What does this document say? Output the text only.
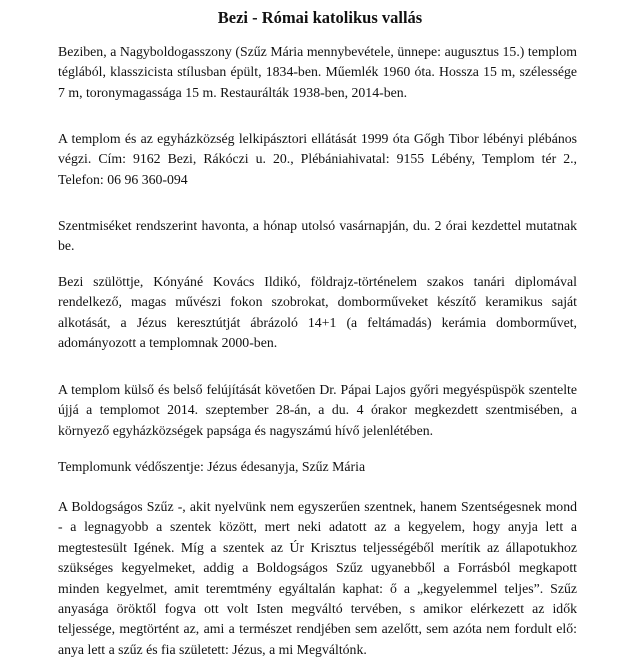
Bezi - Római katolikus vallás

Beziben, a Nagyboldogasszony (Szűz Mária mennybevétele, ünnepe: augusztus 15.) templom téglából, klasszicista stílusban épült, 1834-ben. Műemlék 1960 óta. Hossza 15 m, szélessége 7 m, toronymagassága 15 m. Restaurálták 1938-ben, 2014-ben.

A templom és az egyházközség lelkipásztori ellátását 1999 óta Gőgh Tibor lébényi plébános végzi. Cím: 9162 Bezi, Rákóczi u. 20., Plébániahivatal: 9155 Lébény, Templom tér 2., Telefon: 06 96 360-094

Szentmiséket rendszerint havonta, a hónap utolsó vasárnapján, du. 2 órai kezdettel mutatnak be.

Bezi szülöttje, Kónyáné Kovács Ildikó, földrajz-történelem szakos tanári diplomával rendelkező, magas művészi fokon szobrokat, domborműveket készítő keramikus saját alkotását, a Jézus keresztútját ábrázoló 14+1 (a feltámadás) kerámia domborművet, adományozott a templomnak 2000-ben.

A templom külső és belső felújítását követően Dr. Pápai Lajos győri megyéspüspök szentelte újjá a templomot 2014. szeptember 28-án, a du. 4 órakor megkezdett szentmisében, a környező egyházközségek papsága és nagyszámú hívő jelenlétében.

Templomunk védőszentje: Jézus édesanyja, Szűz Mária

A Boldogságos Szűz -, akit nyelvünk nem egyszerűen szentnek, hanem Szentségesnek mond - a legnagyobb a szentek között, mert neki adatott az a kegyelem, hogy anyja lett a megtestesült Igének. Míg a szentek az Úr Krisztus teljességéből merítik az állapotukhoz szükséges kegyelmeket, addig a Boldogságos Szűz ugyanebből a Forrásból megkapott minden kegyelmet, amit teremtmény egyáltalán kaphat: ő a „kegyelemmel teljes”. Szűz anyasága öröktől fogva ott volt Isten megváltó tervében, s amikor elérkezett az idők teljessége, megtörtént az, ami a természet rendjében sem azelőtt, sem azóta nem fordult elő: anya lett a szűz és fia született: Jézus, a mi Megváltónk.
